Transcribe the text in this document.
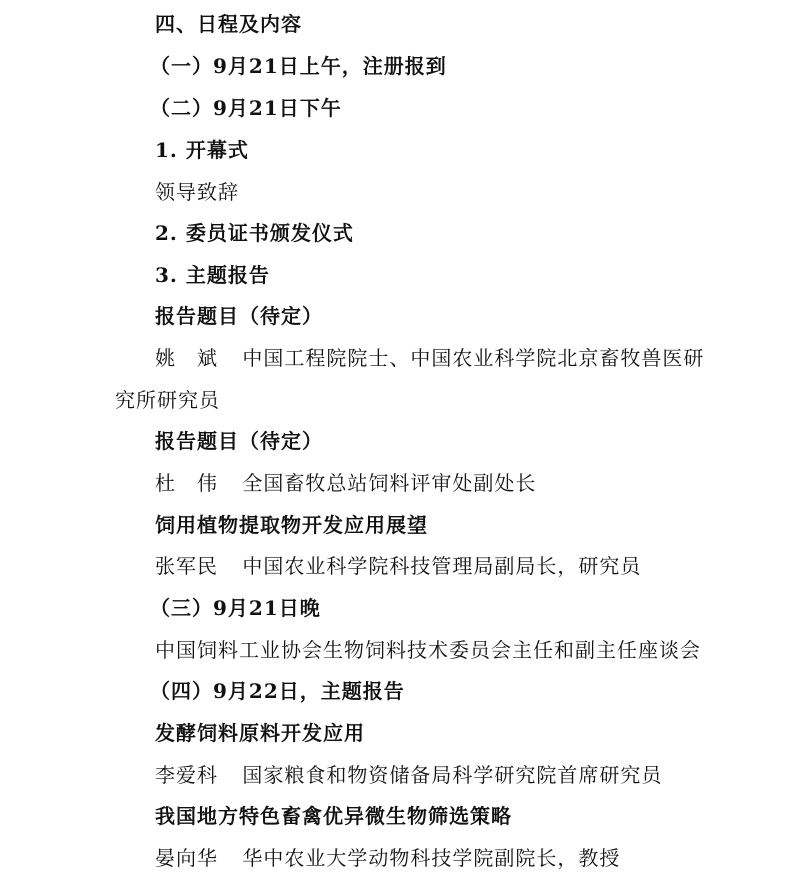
四、日程及内容
（一）9月21日上午，注册报到
（二）9月21日下午
1. 开幕式
领导致辞
2. 委员证书颁发仪式
3. 主题报告
报告题目（待定）
姚　斌 中国工程院院士、中国农业科学院北京畜牧兽医研
究所研究员
报告题目（待定）
杜　伟 全国畜牧总站饲料评审处副处长
饲用植物提取物开发应用展望
张军民 中国农业科学院科技管理局副局长，研究员
（三）9月21日晚
中国饲料工业协会生物饲料技术委员会主任和副主任座谈会
（四）9月22日，主题报告
发酵饲料原料开发应用
李爱科 国家粮食和物资储备局科学研究院首席研究员
我国地方特色畜禽优异微生物筛选策略
晏向华 华中农业大学动物科技学院副院长，教授
